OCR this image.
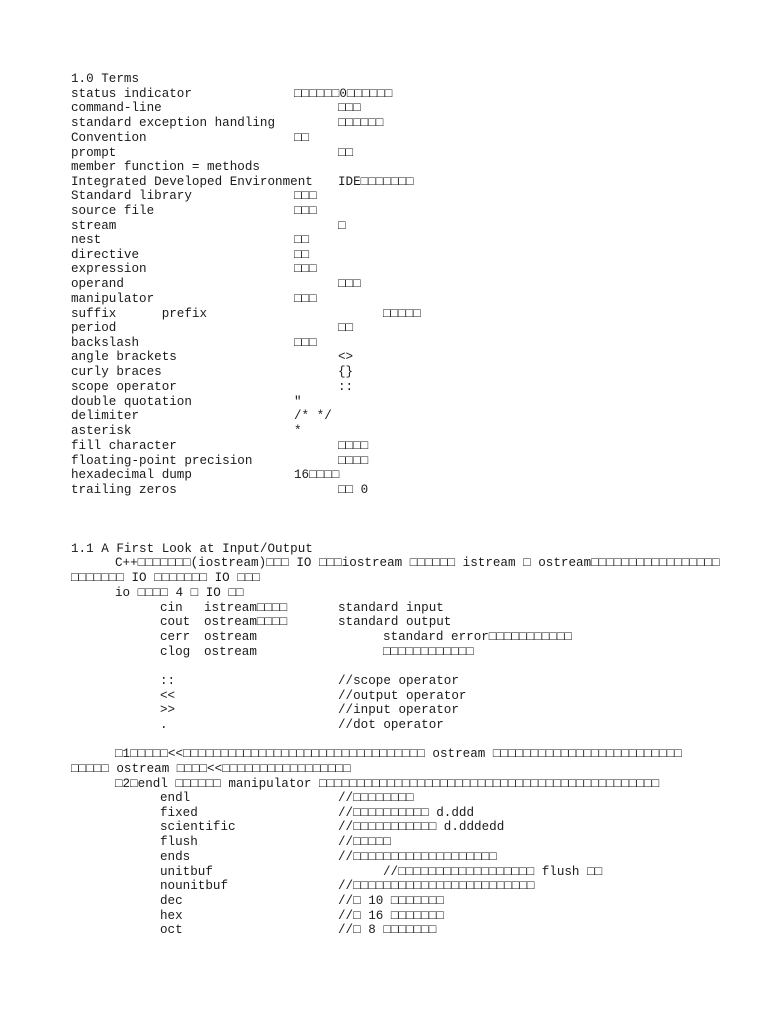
1.0 Terms
status indicator	□□□□□□0□□□□□□
command-line	□□□
standard exception handling	□□□□□□
Convention	□□
prompt	□□
member function = methods
Integrated Developed Environment IDE□□□□□□□
Standard library	□□□
source file	□□□
stream	□
nest	□□
directive	□□
expression	□□□
operand	□□□
manipulator	□□□
suffix      prefix	□□□□□
period	□□
backslash	□□□
angle brackets	<>
curly braces	{}
scope operator	::
double quotation	"
delimiter	/* */
asterisk	*
fill character	□□□□
floating-point precision	□□□□
hexadecimal dump	16□□□□
trailing zeros	□□ 0
1.1 A First Look at Input/Output
C++□□□□□□□(iostream)□□□ IO □□□iostream □□□□□□ istream □ ostream□□□□□□□□□□□□□□□□□
□□□□□□□ IO □□□□□□□ IO □□□
io □□□□ 4 □ IO □□
cin istream□□□□	standard input
cout ostream□□□□	standard output
cerr ostream	standard error□□□□□□□□□□□
clog ostream	□□□□□□□□□□□□
::	//scope operator
<<	//output operator
>>	//input operator
.	//dot operator
□1□□□□□<<□□□□□□□□□□□□□□□□□□□□□□□□□□□□□□□□ ostream □□□□□□□□□□□□□□□□□□□□□□□□□
□□□□□ ostream □□□□<<□□□□□□□□□□□□□□□□□
□2□endl □□□□□□ manipulator □□□□□□□□□□□□□□□□□□□□□□□□□□□□□□□□□□□□□□□□□□□□□
endl	//□□□□□□□□
fixed	//□□□□□□□□□□ d.ddd
scientific	//□□□□□□□□□□□ d.dddedd
flush	//□□□□□
ends	//□□□□□□□□□□□□□□□□□□□
unitbuf	//□□□□□□□□□□□□□□□□□□ flush □□
nounitbuf	//□□□□□□□□□□□□□□□□□□□□□□□□
dec	//□ 10 □□□□□□□
hex	//□ 16 □□□□□□□
oct	//□ 8 □□□□□□□
